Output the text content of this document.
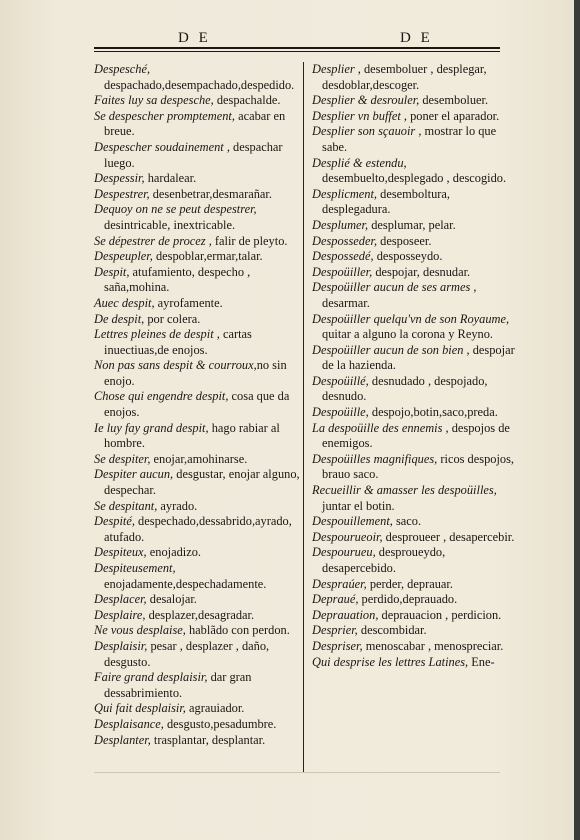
D E	D E

Despesché, despachado,desempachado,despedido.

Faites luy sa despesche, despachalde.

Se despescher promptement, acabar en breue.

Despescher soudainement , despachar luego.

Despessir, hardalear.

Despestrer, desenbetrar,desmarañar.

Dequoy on ne se peut despestrer, desintricable, inextricable.

Se dépestrer de procez , falir de pleyto.

Despeupler, despoblar,ermar,talar.

Despit, atufamiento, despecho , saña,mohina.

Auec despit, ayrofamente.

De despit, por colera.

Lettres pleines de despit , cartas inuectiuas,de enojos.

Non pas sans despit & courroux,no sin enojo.

Chose qui engendre despit, cosa que da enojos.

Ie luy fay grand despit, hago rabiar al hombre.

Se despiter, enojar,amohinarse.

Despiter aucun, desgustar, enojar alguno, despechar.

Se despitant, ayrado.

Despité, despechado,dessabrido,ayrado, atufado.

Despiteux, enojadizo.

Despiteusement, enojadamente,despechadamente.

Desplacer, desalojar.

Desplaire, desplazer,desagradar.

Ne vous desplaise, hablãdo con perdon.

Desplaisir, pesar , desplazer , daño, desgusto.

Faire grand desplaisir, dar gran dessabrimiento.

Qui fait desplaisir, agrauiador.

Desplaisance, desgusto,pesadumbre.

Desplanter, trasplantar, desplantar.

Desplier , desemboluer , desplegar, desdoblar,descoger.

Desplier & desrouler, desemboluer.

Desplier vn buffet , poner el aparador.

Desplier son sçauoir , mostrar lo que sabe.

Desplié & estendu, desembuelto,desplegado , descogido.

Desplicment, desemboltura, desplegadura.

Desplumer, desplumar, pelar.

Desposseder, desposeer.

Despossedé, desposseydo.

Despoüiller, despojar, desnudar.

Despoüiller aucun de ses armes , desarmar.

Despoüiller quelqu'vn de son Royaume, quitar a alguno la corona y Reyno.

Despoüiller aucun de son bien , despojar de la hazienda.

Despoüillé, desnudado , despojado, desnudo.

Despoüille, despojo,botin,saco,preda.

La despoüille des ennemis , despojos de enemigos.

Despoüilles magnifiques, ricos despojos, brauo saco.

Recueillir & amasser les despoüilles, juntar el botin.

Despouillement, saco.

Despourueoir, desproueer , desapercebir.

Despourueu, desproueydo, desapercebido.

Despraúer, perder, deprauar.

Depraué, perdido,deprauado.

Deprauation, deprauacion , perdicion.

Desprier, descombidar.

Despriser, menoscabar , menospreciar.

Qui desprise les lettres Latines, Ene-
